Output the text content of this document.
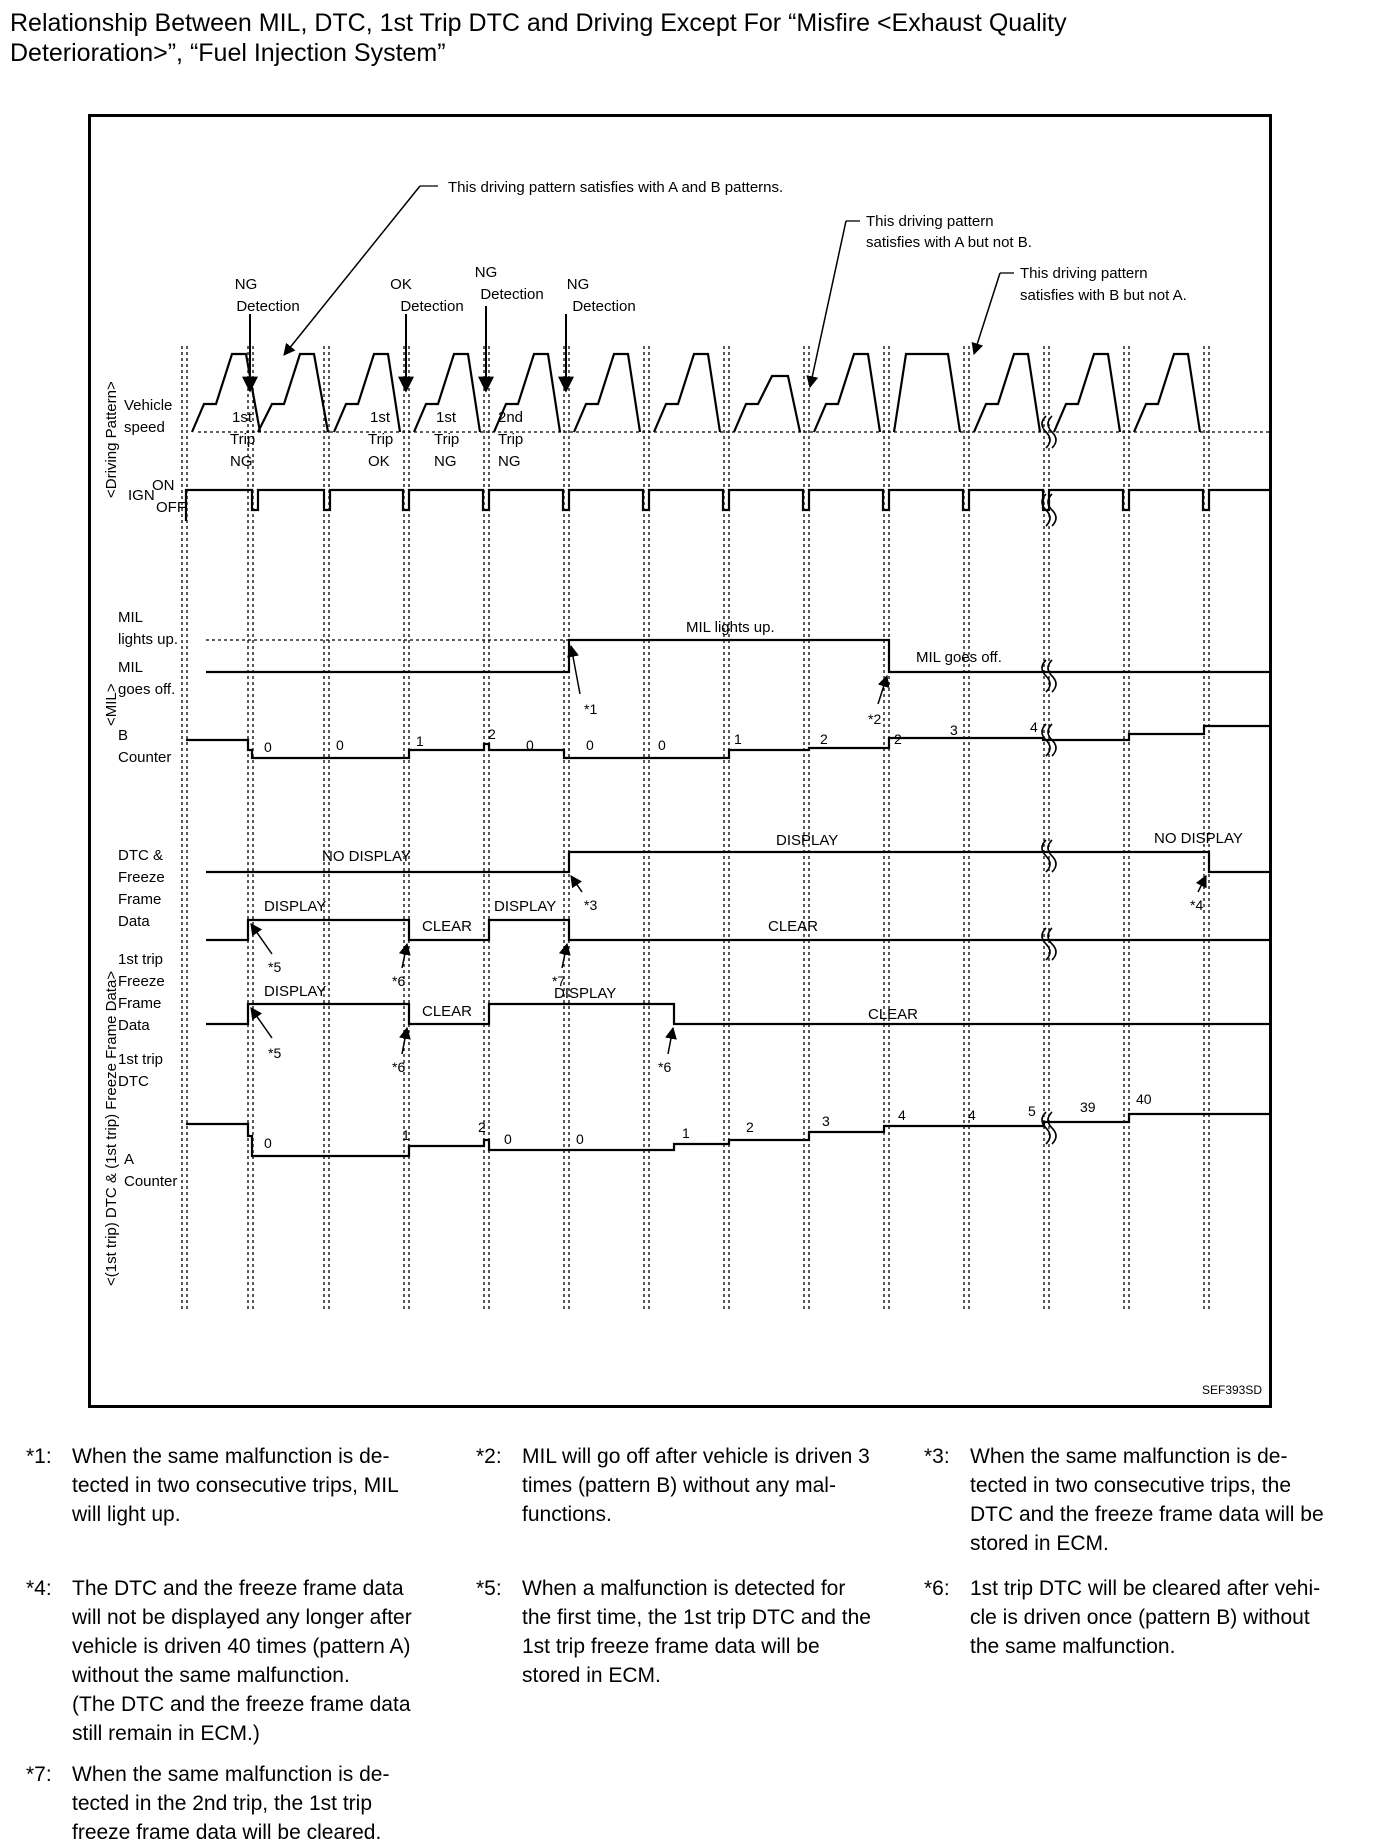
Relationship Between MIL, DTC, 1st Trip DTC and Driving Except For “Misfire <Exhaust Quality
Deterioration>”, “Fuel Injection System”
This driving pattern satisfies with A and B patterns.
This driving pattern
satisfies with A but not B.
This driving pattern
satisfies with B but not A.
NG
Detection
OK
Detection
NG
Detection
NG
Detection
1st
Trip
NG
1st
Trip
OK
1st
Trip
NG
2nd
Trip
NG
<Driving Pattern>
<MIL>
<(1st trip) DTC & (1st trip) Freeze Frame Data>
Vehicle
speed
IGN
ON
OFF
MIL
lights up.
MIL
goes off.
B
Counter
DTC &
Freeze
Frame
Data
1st trip
Freeze
Frame
Data
1st trip
DTC
A
Counter
MIL lights up.
MIL goes off.
0	0	1	2
0	0	0	1	2	2
3	4
NO DISPLAY
DISPLAY	NO DISPLAY
DISPLAY
CLEAR
DISPLAY
CLEAR
DISPLAY
CLEAR
DISPLAY
CLEAR
0	1	2
0	0	1	2	3	4	4	5	39	40
*1
*2
*3	*4
*5
*6	*7
*5
*6	*6
SEF393SD
*1: When the same malfunction is de-
tected in two consecutive trips, MIL
will light up.
*2: MIL will go off after vehicle is driven 3
times (pattern B) without any mal-
functions.
*3: When the same malfunction is de-
tected in two consecutive trips, the
DTC and the freeze frame data will be
stored in ECM.
*4: The DTC and the freeze frame data
will not be displayed any longer after
vehicle is driven 40 times (pattern A)
without the same malfunction.
(The DTC and the freeze frame data
still remain in ECM.)
*5: When a malfunction is detected for
the first time, the 1st trip DTC and the
1st trip freeze frame data will be
stored in ECM.
*6: 1st trip DTC will be cleared after vehi-
cle is driven once (pattern B) without
the same malfunction.
*7: When the same malfunction is de-
tected in the 2nd trip, the 1st trip
freeze frame data will be cleared.
